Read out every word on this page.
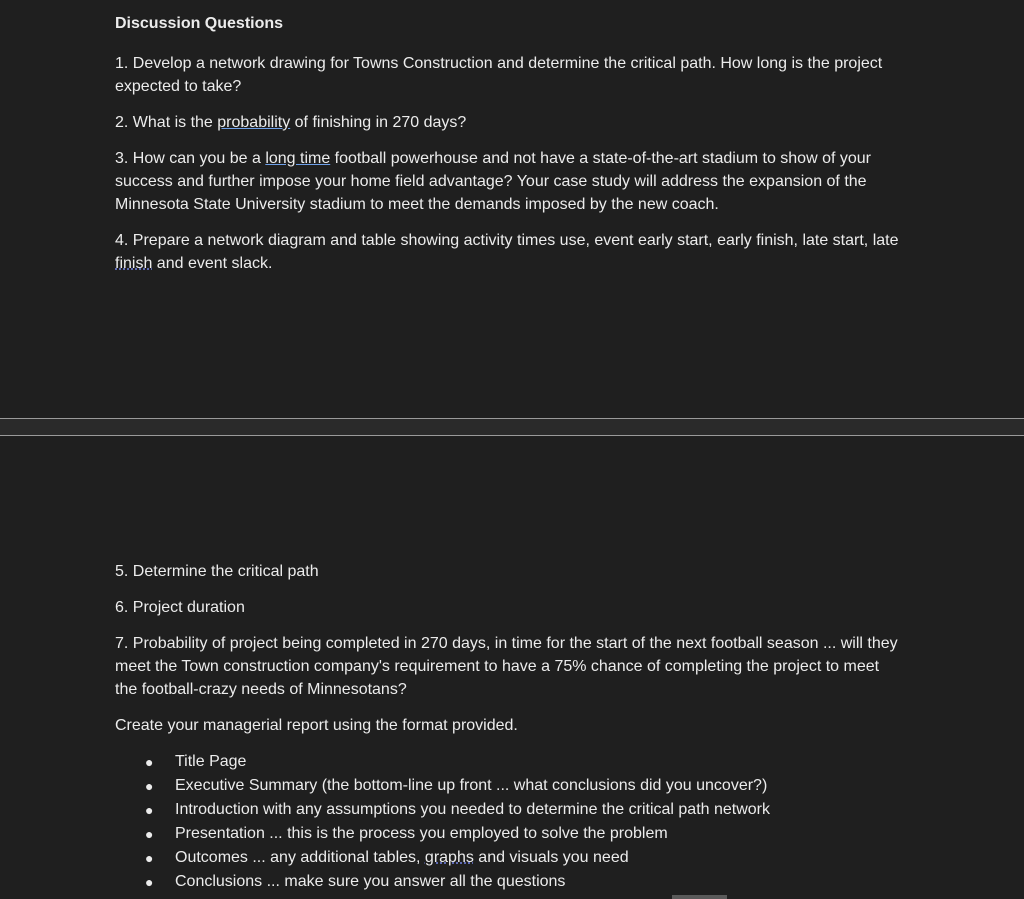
Discussion Questions

1. Develop a network drawing for Towns Construction and determine the critical path. How long is the project expected to take?

2. What is the probability of finishing in 270 days?

3. How can you be a long time football powerhouse and not have a state-of-the-art stadium to show of your success and further impose your home field advantage? Your case study will address the expansion of the Minnesota State University stadium to meet the demands imposed by the new coach.

4. Prepare a network diagram and table showing activity times use, event early start, early finish, late start, late finish and event slack.

5. Determine the critical path

6. Project duration

7. Probability of project being completed in 270 days, in time for the start of the next football season ... will they meet the Town construction company's requirement to have a 75% chance of completing the project to meet the football-crazy needs of Minnesotans?

Create your managerial report using the format provided.

●	Title Page
●	Executive Summary (the bottom-line up front ... what conclusions did you uncover?)
●	Introduction with any assumptions you needed to determine the critical path network
●	Presentation ... this is the process you employed to solve the problem
●	Outcomes ... any additional tables, graphs and visuals you need
●	Conclusions ... make sure you answer all the questions
